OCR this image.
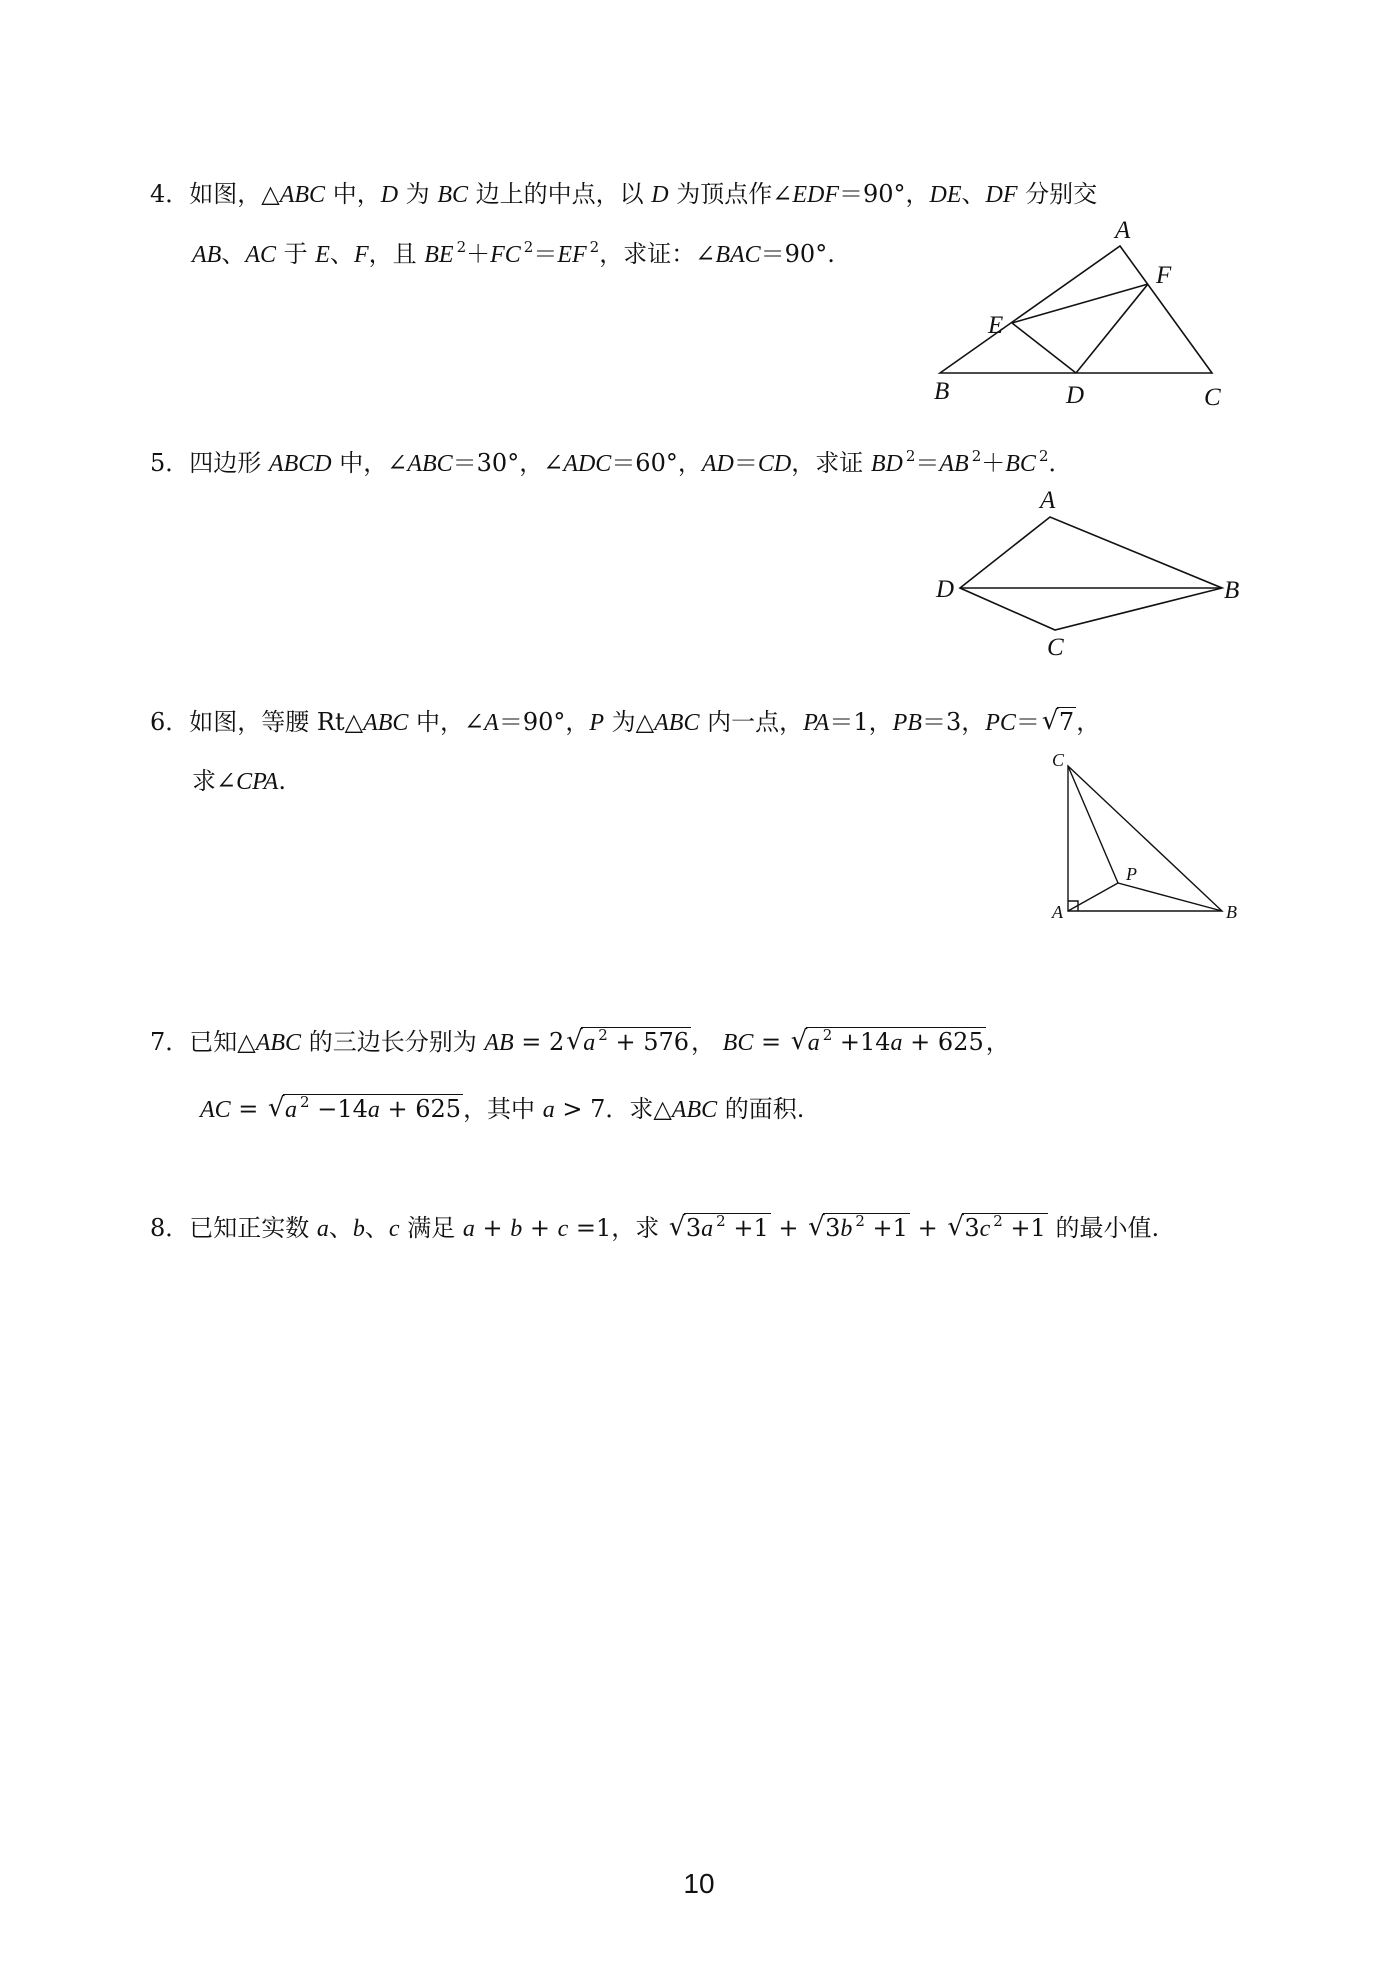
4．如图，△ABC 中，D 为 BC 边上的中点，以 D 为顶点作∠EDF＝90°，DE、DF 分别交
AB、AC 于 E、F，且 BE $^2$＋FC $^2$＝EF $^2$，求证：∠BAC＝90°.
A
F
E
B	D	C
5．四边形 ABCD 中，∠ABC＝30°，∠ADC＝60°，AD＝CD，求证 BD $^2$＝AB $^2$＋BC $^2$．
A
D	B
C
6．如图，等腰 Rt△ABC 中，∠A＝90°，P 为△ABC 内一点，PA＝1，PB＝3，PC＝ √ 7，
求∠CPA.
C
P
A	B
7．已知△ABC 的三边长分别为 AB = 2 √ a $^2$ + 576， BC = √ a $^2$ +14a + 625，
AC = √ a $^2$ −14a + 625，其中 a > 7．求△ABC 的面积.
8．已知正实数 a、b、c 满足 a + b + c =1，求 √ 3a $^2$ +1 + √ 3b $^2$ +1 + √ 3c $^2$ +1 的最小值.
10
